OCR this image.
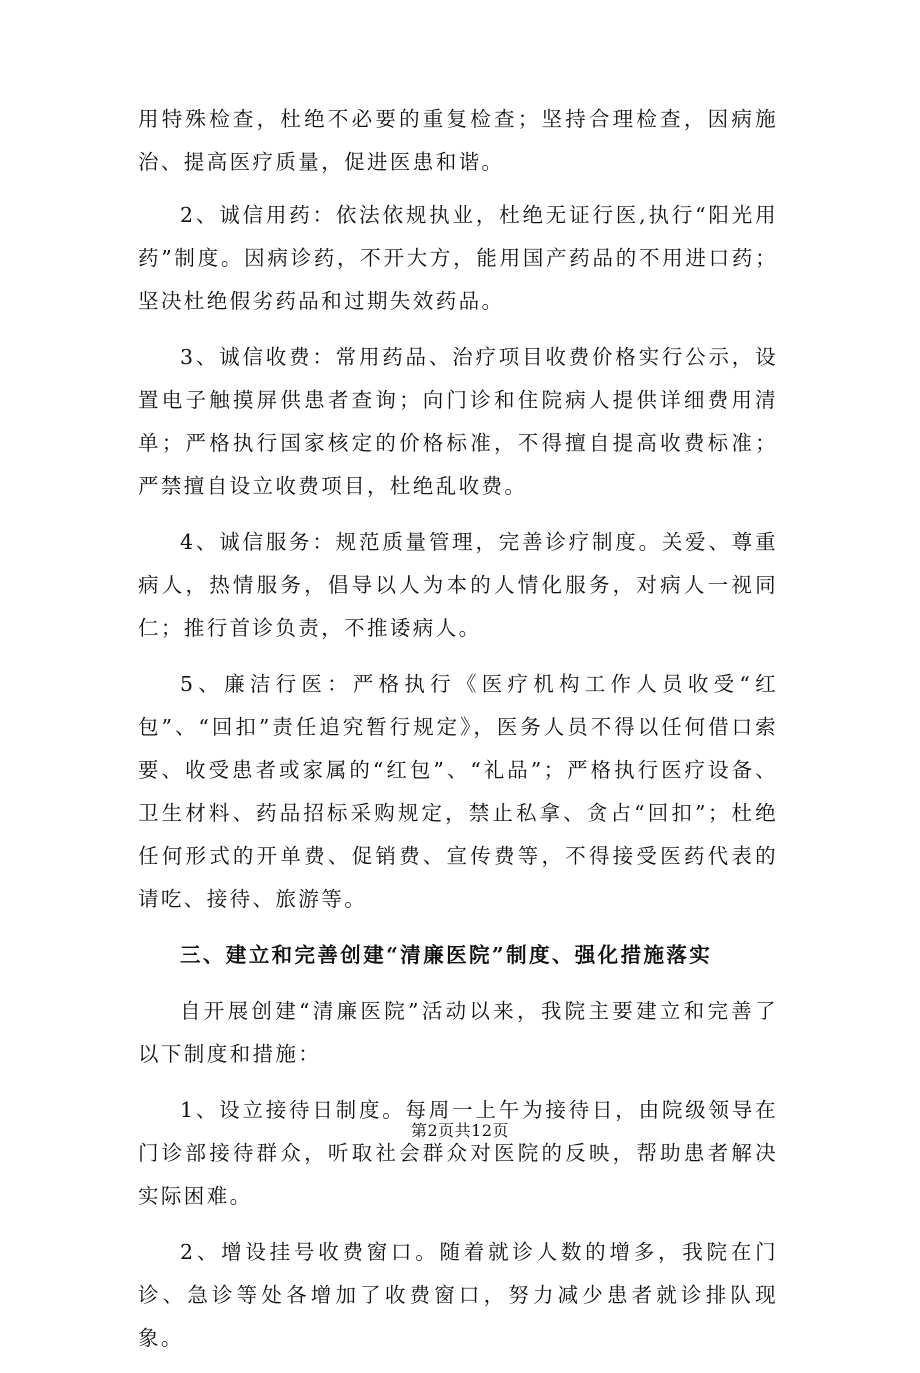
用特殊检查，杜绝不必要的重复检查；坚持合理检查，因病施治、提高医疗质量，促进医患和谐。

2、诚信用药：依法依规执业，杜绝无证行医,执行“阳光用药”制度。因病诊药，不开大方，能用国产药品的不用进口药；坚决杜绝假劣药品和过期失效药品。

3、诚信收费：常用药品、治疗项目收费价格实行公示，设置电子触摸屏供患者查询；向门诊和住院病人提供详细费用清单；严格执行国家核定的价格标准，不得擅自提高收费标准；严禁擅自设立收费项目，杜绝乱收费。

4、诚信服务：规范质量管理，完善诊疗制度。关爱、尊重病人，热情服务，倡导以人为本的人情化服务，对病人一视同仁；推行首诊负责，不推诿病人。

5、廉洁行医：严格执行《医疗机构工作人员收受“红包”、“回扣”责任追究暂行规定》，医务人员不得以任何借口索要、收受患者或家属的“红包”、“礼品”；严格执行医疗设备、卫生材料、药品招标采购规定，禁止私拿、贪占“回扣”；杜绝任何形式的开单费、促销费、宣传费等，不得接受医药代表的请吃、接待、旅游等。

三、建立和完善创建“清廉医院”制度、强化措施落实

自开展创建“清廉医院”活动以来，我院主要建立和完善了以下制度和措施：

1、设立接待日制度。每周一上午为接待日，由院级领导在门诊部接待群众，听取社会群众对医院的反映，帮助患者解决实际困难。

2、增设挂号收费窗口。随着就诊人数的增多，我院在门诊、急诊等处各增加了收费窗口，努力减少患者就诊排队现象。

第2页共12页
